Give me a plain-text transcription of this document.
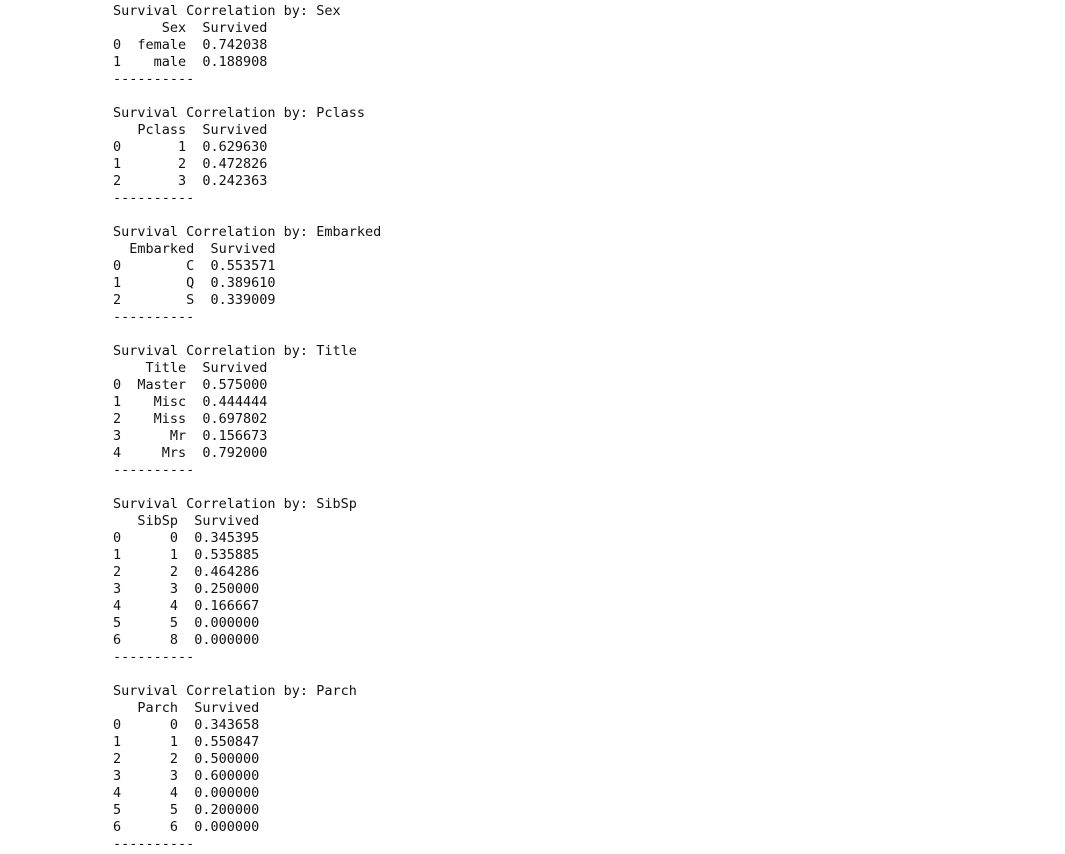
Survival Correlation by: Sex
Sex  Survived
0  female  0.742038
1    male  0.188908
----------
Survival Correlation by: Pclass
Pclass  Survived
0       1  0.629630
1       2  0.472826
2       3  0.242363
----------
Survival Correlation by: Embarked
Embarked  Survived
0        C  0.553571
1        Q  0.389610
2        S  0.339009
----------
Survival Correlation by: Title
Title  Survived
0  Master  0.575000
1    Misc  0.444444
2    Miss  0.697802
3      Mr  0.156673
4     Mrs  0.792000
----------
Survival Correlation by: SibSp
SibSp  Survived
0      0  0.345395
1      1  0.535885
2      2  0.464286
3      3  0.250000
4      4  0.166667
5      5  0.000000
6      8  0.000000
----------
Survival Correlation by: Parch
Parch  Survived
0      0  0.343658
1      1  0.550847
2      2  0.500000
3      3  0.600000
4      4  0.000000
5      5  0.200000
6      6  0.000000
----------
